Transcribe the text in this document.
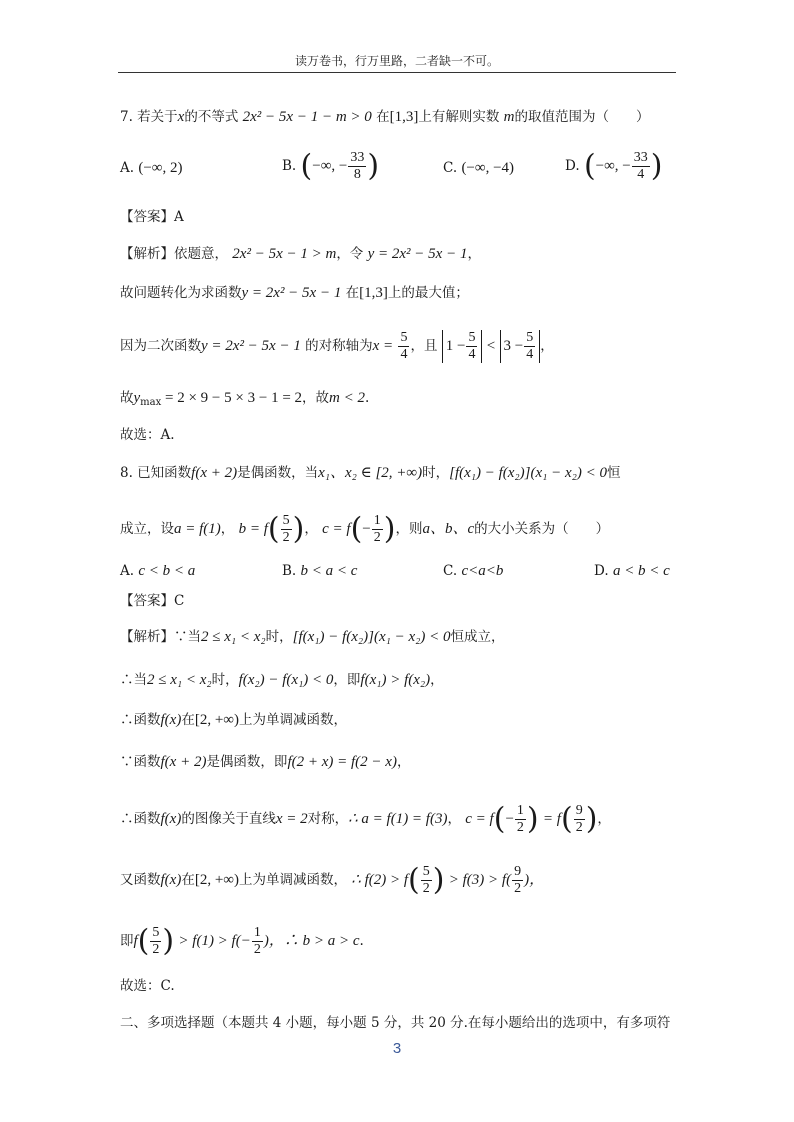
读万卷书，行万里路，二者缺一不可。
7. 若关于x的不等式 2x² − 5x − 1 − m > 0 在[1,3]上有解则实数 m的取值范围为（　　）
A. (−∞, 2)	B. (−∞, − $\frac{33}{8}$ )	C. (−∞, −4)	D. (−∞, − $\frac{33}{4}$ )
【答案】A
【解析】依题意， 2x² − 5x − 1 > m，令 y = 2x² − 5x − 1，
故问题转化为求函数y = 2x² − 5x − 1 在[1,3]上的最大值；
因为二次函数y = 2x² − 5x − 1 的对称轴为$x = \frac{5}{4}$ ，且 $1 - \frac{5}{4} < 3 - \frac{5}{4}$ ，
故$y_{max} = 2 \times 9 - 5 \times 3 - 1 = 2$，故m < 2.
故选：A.
8. 已知函数f(x + 2)是偶函数，当x₁、x₂ ∈ [2, +∞)时，[f(x₁) − f(x₂)](x₁ − x₂) < 0恒
成立，设a = f(1)， $b = f( \frac{5}{2}$ )， $c = f(- \frac{1}{2}$ )，则a、b、c的大小关系为（　　）
A. c < b < a	B. b < a < c	C. c<a<b	D. a < b < c
【答案】C
【解析】∵当2 ≤ x₁ < x₂时，[f(x₁) − f(x₂)](x₁ − x₂) < 0恒成立，
∴当2 ≤ x₁ < x₂时，f(x₂) − f(x₁) < 0，即f(x₁) > f(x₂)，
∴函数f(x)在[2, +∞)上为单调减函数，
∵函数f(x + 2)是偶函数，即f(2 + x) = f(2 − x)，
∴函数f(x)的图像关于直线x = 2对称，∴ a = f(1) = f(3)， $c = f(- \frac{1}{2}$ ) = $f( \frac{9}{2}$ )，
又函数f(x)在[2, +∞)上为单调减函数， ∴ $f(2) > f( \frac{5}{2}$ ) > $f(3) > f( \frac{9}{2}$ )，
即$f( \frac{5}{2}$ ) > $f(1) > f(- \frac{1}{2}$ )，∴ b > a > c.
故选：C.
二、多项选择题（本题共 4 小题，每小题 5 分，共 20 分.在每小题给出的选项中，有多项符
3
